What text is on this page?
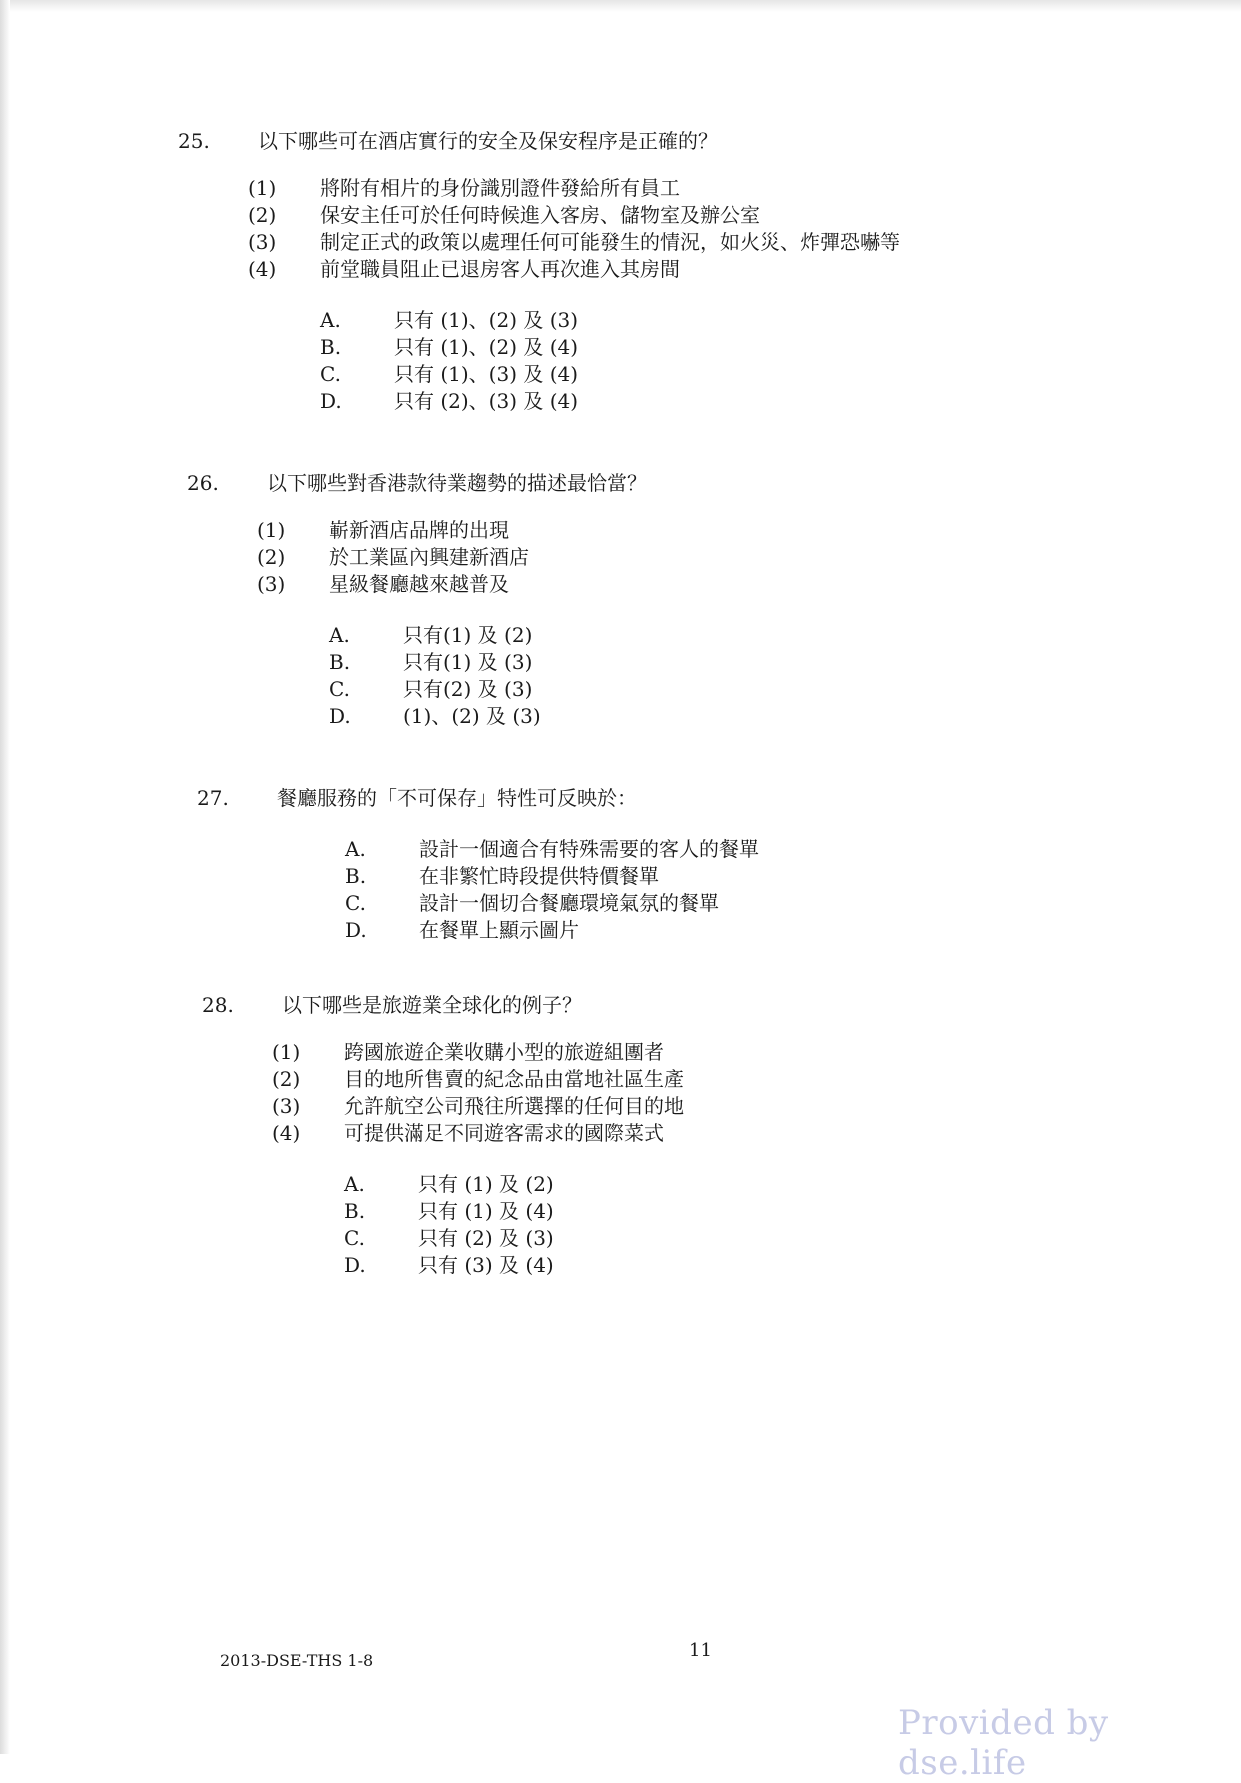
25.	以下哪些可在酒店實行的安全及保安程序是正確的？
(1)	將附有相片的身份識別證件發給所有員工
(2)	保安主任可於任何時候進入客房、儲物室及辦公室
(3)	制定正式的政策以處理任何可能發生的情況，如火災、炸彈恐嚇等
(4)	前堂職員阻止已退房客人再次進入其房間
A.	只有 (1)、(2) 及 (3)
B.	只有 (1)、(2) 及 (4)
C.	只有 (1)、(3) 及 (4)
D.	只有 (2)、(3) 及 (4)
26.	以下哪些對香港款待業趨勢的描述最恰當？
(1)	嶄新酒店品牌的出現
(2)	於工業區內興建新酒店
(3)	星級餐廳越來越普及
A.	只有(1) 及 (2)
B.	只有(1) 及 (3)
C.	只有(2) 及 (3)
D.	(1)、(2) 及 (3)
27.	餐廳服務的「不可保存」特性可反映於：
A.	設計一個適合有特殊需要的客人的餐單
B.	在非繁忙時段提供特價餐單
C.	設計一個切合餐廳環境氣氛的餐單
D.	在餐單上顯示圖片
28.	以下哪些是旅遊業全球化的例子？
(1)	跨國旅遊企業收購小型的旅遊組團者
(2)	目的地所售賣的紀念品由當地社區生產
(3)	允許航空公司飛往所選擇的任何目的地
(4)	可提供滿足不同遊客需求的國際菜式
A.	只有 (1) 及 (2)
B.	只有 (1) 及 (4)
C.	只有 (2) 及 (3)
D.	只有 (3) 及 (4)
2013-DSE-THS 1-8	11
Provided by dse.life
